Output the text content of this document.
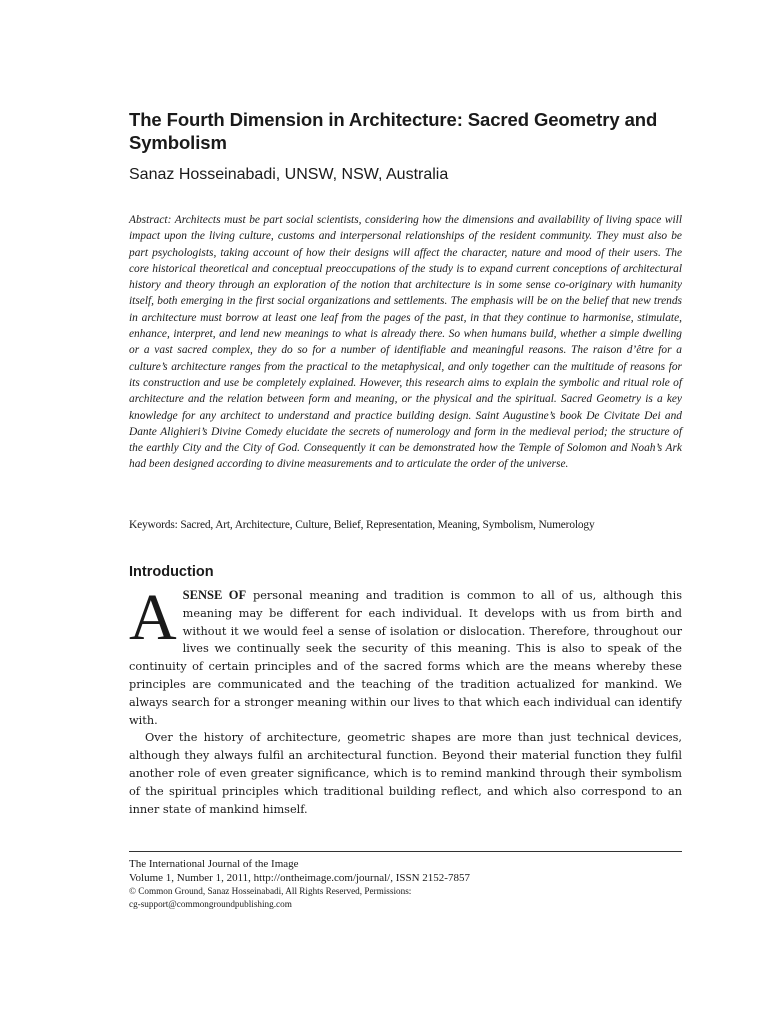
The Fourth Dimension in Architecture: Sacred Geometry and Symbolism
Sanaz Hosseinabadi, UNSW, NSW, Australia

Abstract: Architects must be part social scientists, considering how the dimensions and availability of living space will impact upon the living culture, customs and interpersonal relationships of the resident community. They must also be part psychologists, taking account of how their designs will affect the character, nature and mood of their users. The core historical theoretical and conceptual preoccupations of the study is to expand current conceptions of architectural history and theory through an exploration of the notion that architecture is in some sense co-originary with humanity itself, both emerging in the first social organizations and settlements. The emphasis will be on the belief that new trends in architecture must borrow at least one leaf from the pages of the past, in that they continue to harmonise, stimulate, enhance, interpret, and lend new meanings to what is already there. So when humans build, whether a simple dwelling or a vast sacred complex, they do so for a number of identifiable and meaningful reasons. The raison d’être for a culture’s architecture ranges from the practical to the metaphysical, and only together can the multitude of reasons for its construction and use be completely explained. However, this research aims to explain the symbolic and ritual role of architecture and the relation between form and meaning, or the physical and the spiritual. Sacred Geometry is a key knowledge for any architect to understand and practice building design. Saint Augustine’s book De Civitate Dei and Dante Alighieri’s Divine Comedy elucidate the secrets of numerology and form in the medieval period; the structure of the earthly City and the City of God. Consequently it can be demonstrated how the Temple of Solomon and Noah’s Ark had been designed according to divine measurements and to articulate the order of the universe.

Keywords: Sacred, Art, Architecture, Culture, Belief, Representation, Meaning, Symbolism, Numerology

Introduction

ASENSE OF personal meaning and tradition is common to all of us, although this meaning may be different for each individual. It develops with us from birth and without it we would feel a sense of isolation or dislocation. Therefore, throughout our lives we continually seek the security of this meaning. This is also to speak of the continuity of certain principles and of the sacred forms which are the means whereby these principles are communicated and the teaching of the tradition actualized for mankind. We always search for a stronger meaning within our lives to that which each individual can identify with.

Over the history of architecture, geometric shapes are more than just technical devices, although they always fulfil an architectural function. Beyond their material function they fulfil another role of even greater significance, which is to remind mankind through their symbolism of the spiritual principles which traditional building reflect, and which also correspond to an inner state of mankind himself.

The International Journal of the Image
Volume 1, Number 1, 2011, http://ontheimage.com/journal/, ISSN 2152-7857
© Common Ground, Sanaz Hosseinabadi, All Rights Reserved, Permissions:
cg-support@commongroundpublishing.com
